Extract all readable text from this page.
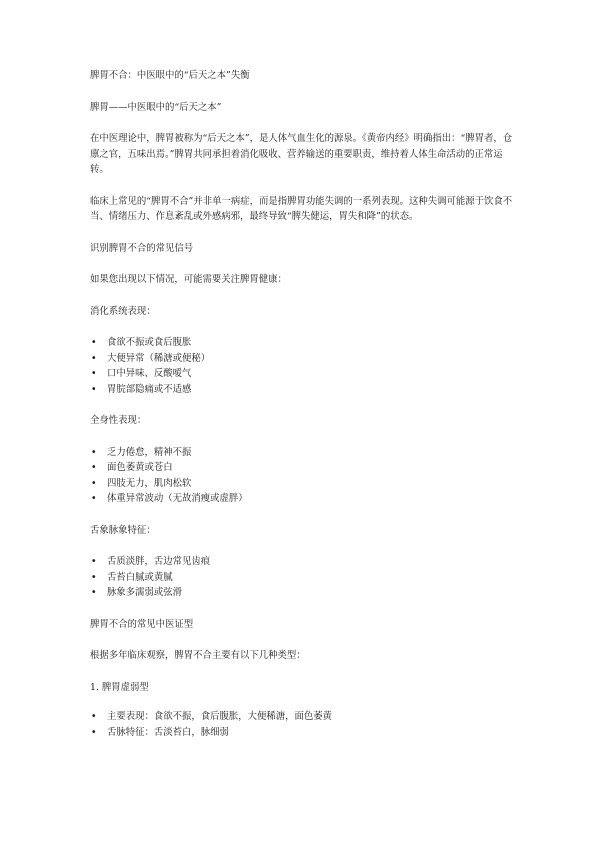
脾胃不合：中医眼中的“后天之本”失衡
脾胃——中医眼中的“后天之本”
在中医理论中，脾胃被称为“后天之本”，是人体气血生化的源泉。《黄帝内经》明确指出：“脾胃者，仓廪之官，五味出焉。”脾胃共同承担着消化吸收、营养输送的重要职责，维持着人体生命活动的正常运转。
临床上常见的“脾胃不合”并非单一病症，而是指脾胃功能失调的一系列表现。这种失调可能源于饮食不当、情绪压力、作息紊乱或外感病邪，最终导致“脾失健运，胃失和降”的状态。
识别脾胃不合的常见信号
如果您出现以下情况，可能需要关注脾胃健康：
消化系统表现：
• 食欲不振或食后腹胀
• 大便异常（稀溏或便秘）
• 口中异味、反酸嗳气
• 胃脘部隐痛或不适感
全身性表现：
• 乏力倦怠，精神不振
• 面色萎黄或苍白
• 四肢无力，肌肉松软
• 体重异常波动（无故消瘦或虚胖）
舌象脉象特征：
• 舌质淡胖，舌边常见齿痕
• 舌苔白腻或黄腻
• 脉象多濡弱或弦滑
脾胃不合的常见中医证型
根据多年临床观察，脾胃不合主要有以下几种类型：
1. 脾胃虚弱型
• 主要表现：食欲不振，食后腹胀，大便稀溏，面色萎黄
• 舌脉特征：舌淡苔白，脉细弱
